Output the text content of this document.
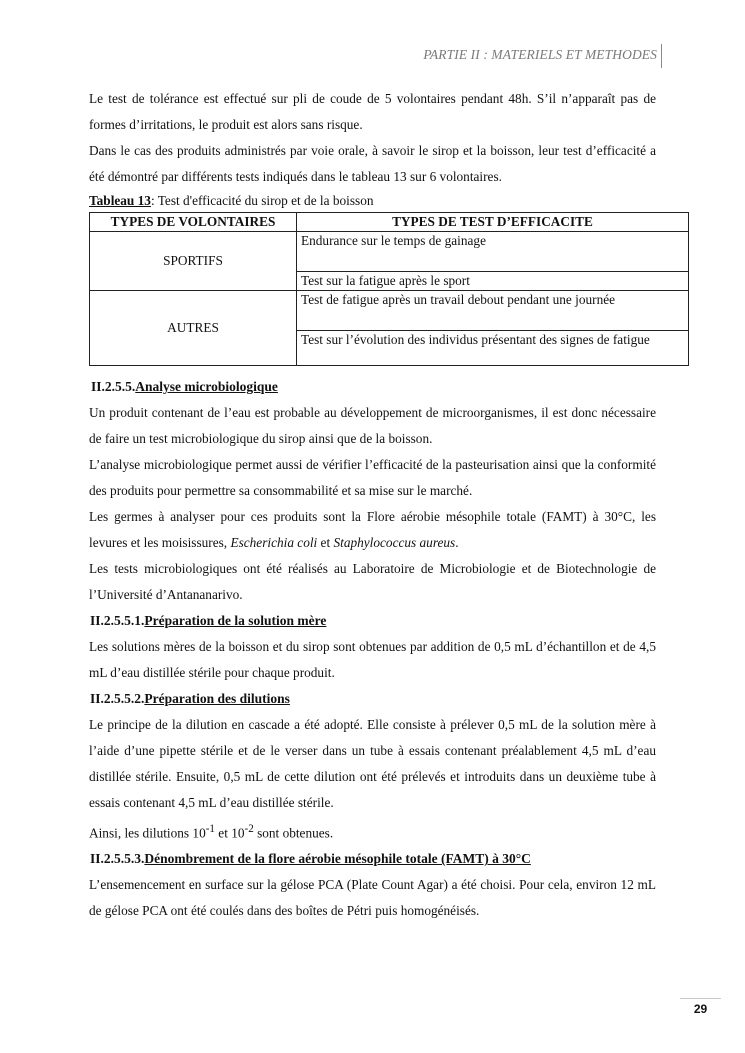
PARTIE II : MATERIELS ET METHODES

Le test de tolérance est effectué sur pli de coude de 5 volontaires pendant 48h. S’il n’apparaît pas de formes d’irritations, le produit est alors sans risque.

Dans le cas des produits administrés par voie orale, à savoir le sirop et la boisson, leur test d’efficacité a été démontré par différents tests indiqués dans le tableau 13 sur 6 volontaires.

Tableau 13: Test d'efficacité du sirop et de la boisson
TYPES DE VOLONTAIRES	TYPES DE TEST D’EFFICACITE
SPORTIFS	Endurance sur le temps de gainage
	Test sur la fatigue après le sport
AUTRES	Test de fatigue après un travail debout pendant une journée
	Test sur l’évolution des individus présentant des signes de fatigue
II.2.5.5.Analyse microbiologique

Un produit contenant de l’eau est probable au développement de microorganismes, il est donc nécessaire de faire un test microbiologique du sirop ainsi que de la boisson.

L’analyse microbiologique permet aussi de vérifier l’efficacité de la pasteurisation ainsi que la conformité des produits pour permettre sa consommabilité et sa mise sur le marché.

Les germes à analyser pour ces produits sont la Flore aérobie mésophile totale (FAMT) à 30°C, les levures et les moisissures, Escherichia coli et Staphylococcus aureus.

Les tests microbiologiques ont été réalisés au Laboratoire de Microbiologie et de Biotechnologie de l’Université d’Antananarivo.

II.2.5.5.1.Préparation de la solution mère

Les solutions mères de la boisson et du sirop sont obtenues par addition de 0,5 mL d’échantillon et de 4,5 mL d’eau distillée stérile pour chaque produit.

II.2.5.5.2.Préparation des dilutions

Le principe de la dilution en cascade a été adopté. Elle consiste à prélever 0,5 mL de la solution mère à l’aide d’une pipette stérile et de le verser dans un tube à essais contenant préalablement 4,5 mL d’eau distillée stérile. Ensuite, 0,5 mL de cette dilution ont été prélevés et introduits dans un deuxième tube à essais contenant 4,5 mL d’eau distillée stérile.

Ainsi, les dilutions $10^{-1}$ et $10^{-2}$ sont obtenues.

II.2.5.5.3.Dénombrement de la flore aérobie mésophile totale (FAMT) à 30°C

L’ensemencement en surface sur la gélose PCA (Plate Count Agar) a été choisi. Pour cela, environ 12 mL de gélose PCA ont été coulés dans des boîtes de Pétri puis homogénéisés.

29
